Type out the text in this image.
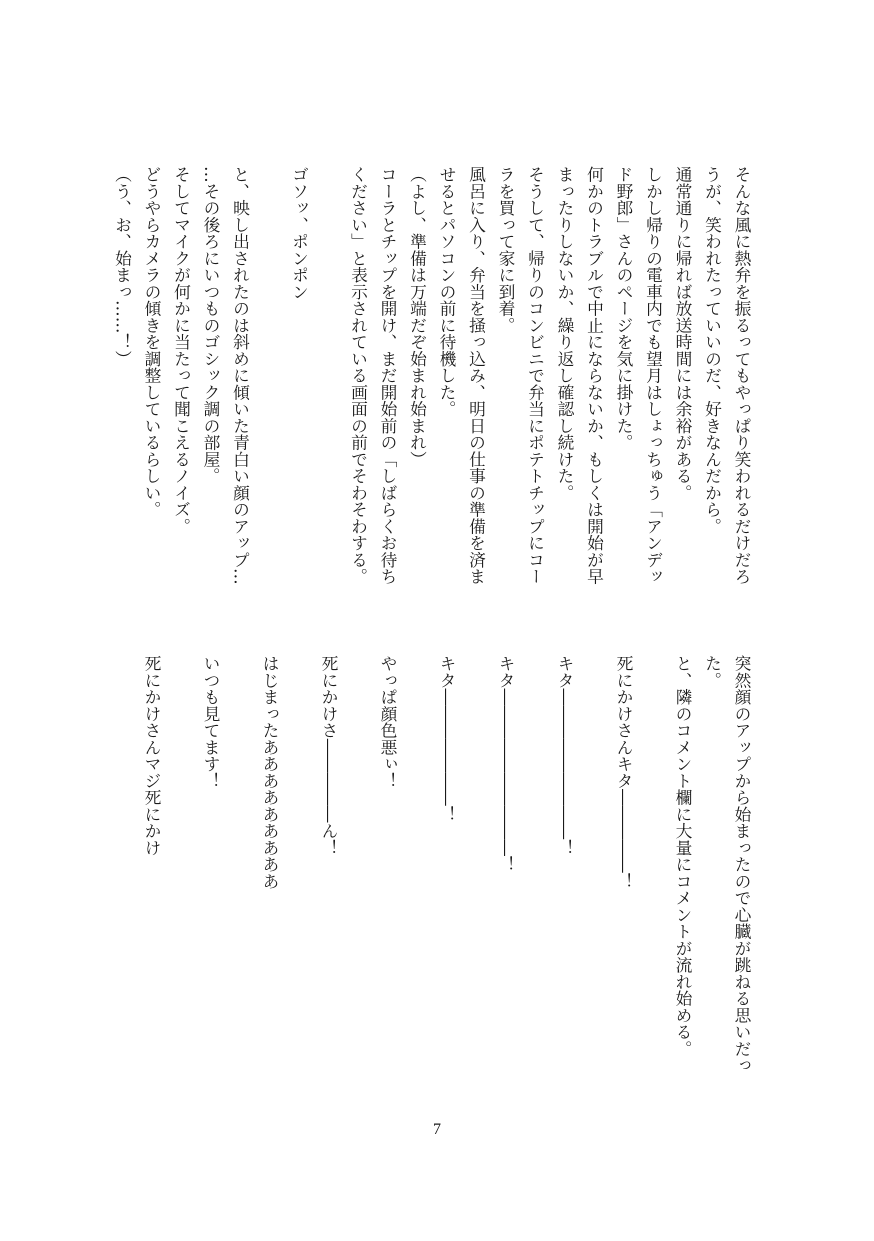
そんな風に熱弁を振るってもやっぱり笑われるだけだろ
うが、笑われたっていいのだ、好きなんだから。
通常通りに帰れば放送時間には余裕がある。
しかし帰りの電車内でも望月はしょっちゅう「アンデッ
ド野郎」さんのページを気に掛けた。
何かのトラブルで中止にならないか、もしくは開始が早
まったりしないか、繰り返し確認し続けた。
そうして、帰りのコンビニで弁当にポテトチップにコー
ラを買って家に到着。
風呂に入り、弁当を掻っ込み、明日の仕事の準備を済ま
せるとパソコンの前に待機した。
（よし、準備は万端だぞ始まれ始まれ）
コーラとチップを開け、まだ開始前の「しばらくお待ち
ください」と表示されている画面の前でそわそわする。

ゴソッ、ポンポン

と、映し出されたのは斜めに傾いた青白い顔のアップ…
…その後ろにいつものゴシック調の部屋。
そしてマイクが何かに当たって聞こえるノイズ。
どうやらカメラの傾きを調整しているらしい。
（う、お、始まっ……！）
突然顔のアップから始まったので心臓が跳ねる思いだっ
た。
と、隣のコメント欄に大量にコメントが流れ始める。

死にかけさんキタ―――――！

キタ―――――――――！

キタ――――――――――！

キタ―――――――！

やっぱ顔色悪ぃ！

死にかけさ―――――ん！

はじまったあああああああああ

いつも見てます！

死にかけさんマジ死にかけ
7
